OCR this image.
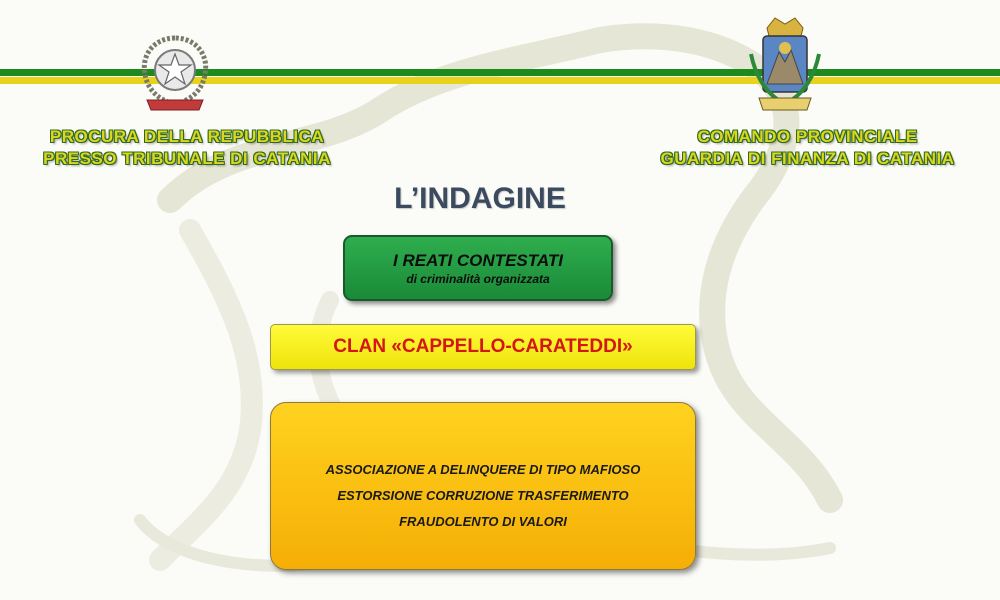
PROCURA DELLA REPUBBLICA
PRESSO TRIBUNALE DI CATANIA
COMANDO PROVINCIALE
GUARDIA DI FINANZA DI CATANIA
L’INDAGINE
I REATI CONTESTATI
di criminalità organizzata
CLAN «CAPPELLO-CARATEDDI»
ASSOCIAZIONE A DELINQUERE DI TIPO MAFIOSO
ESTORSIONE CORRUZIONE TRASFERIMENTO
FRAUDOLENTO DI VALORI
